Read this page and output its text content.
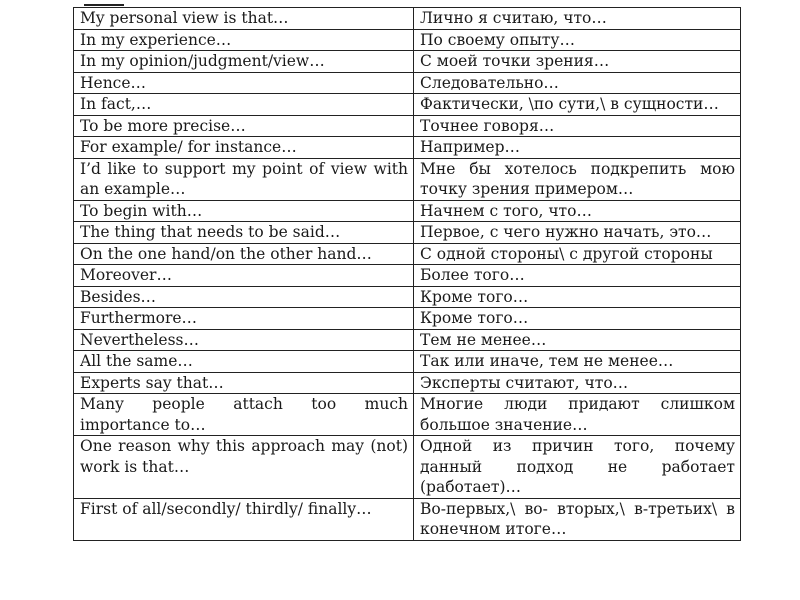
My personal view is that…	Лично я считаю, что…
In my experience…	По своему опыту…
In my opinion/judgment/view…	С моей точки зрения…
Hence…	Следовательно…
In fact,…	Фактически, \по сути,\ в сущности…
To be more precise…	Точнее говоря…
For example/ for instance…	Например…
I’d like to support my point of view with an example…	Мне бы хотелось подкрепить мою точку зрения примером…
To begin with…	Начнем с того, что…
The thing that needs to be said…	Первое, с чего нужно начать, это…
On the one hand/on the other hand…	С одной стороны\ с другой стороны
Moreover…	Более того…
Besides…	Кроме того…
Furthermore…	Кроме того…
Nevertheless…	Тем не менее…
All the same…	Так или иначе, тем не менее…
Experts say that…	Эксперты считают, что…
Many people attach too much importance to…	Многие люди придают слишком большое значение…
One reason why this approach may (not) work is that…	Одной из причин того, почему данный подход не работает (работает)…
First of all/secondly/ thirdly/ finally…	Во-первых,\ во- вторых,\ в-третьих\ в конечном итоге…
